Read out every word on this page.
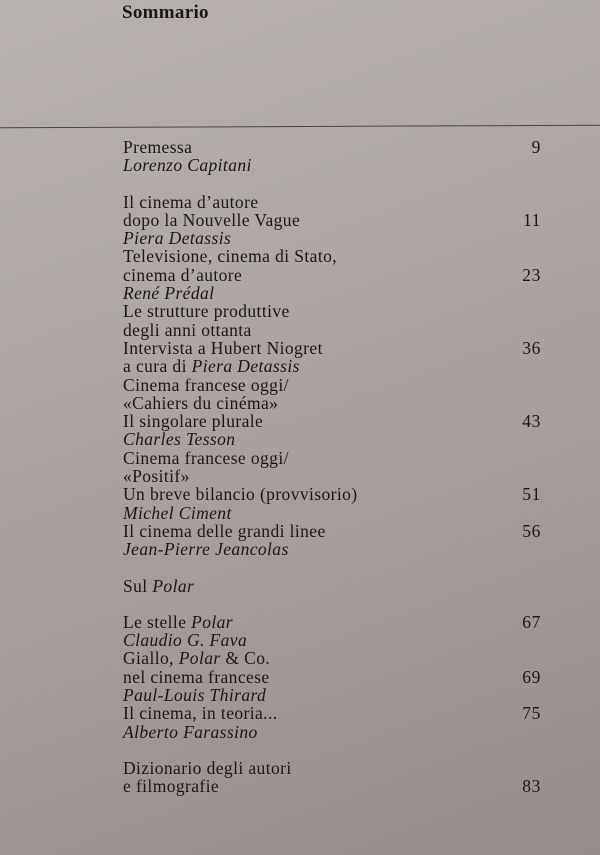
Sommario
Premessa	9
Lorenzo Capitani
Il cinema d’autore
dopo la Nouvelle Vague	11
Piera Detassis
Televisione, cinema di Stato,
cinema d’autore	23
René Prédal
Le strutture produttive
degli anni ottanta
Intervista a Hubert Niogret	36
a cura di Piera Detassis
Cinema francese oggi/
«Cahiers du cinéma»
Il singolare plurale	43
Charles Tesson
Cinema francese oggi/
«Positif»
Un breve bilancio (provvisorio)	51
Michel Ciment
Il cinema delle grandi linee	56
Jean-Pierre Jeancolas
Sul Polar
Le stelle Polar	67
Claudio G. Fava
Giallo, Polar & Co.
nel cinema francese	69
Paul-Louis Thirard
Il cinema, in teoria...	75
Alberto Farassino
Dizionario degli autori
e filmografie	83
